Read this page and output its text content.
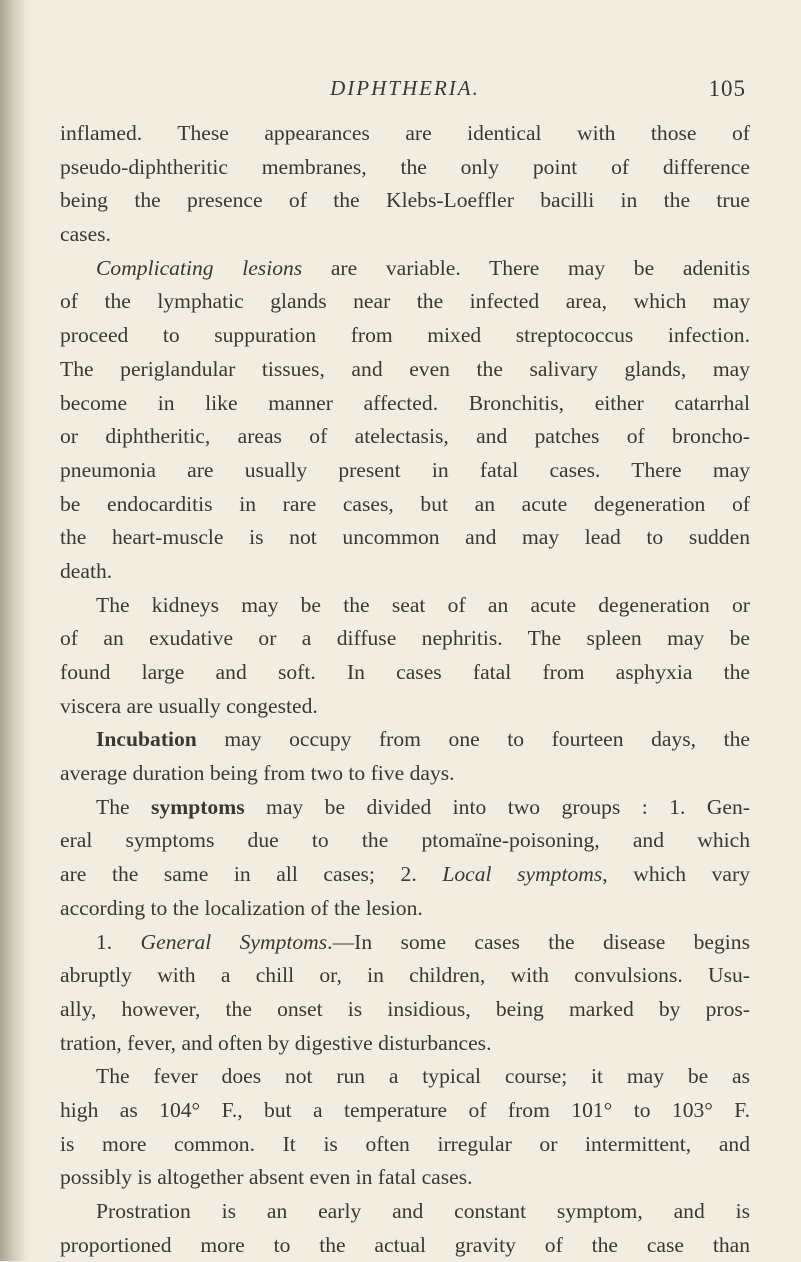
DIPHTHERIA.	105
inflamed. These appearances are identical with those of
pseudo-diphtheritic membranes, the only point of difference
being the presence of the Klebs-Loeffler bacilli in the true
cases.
Complicating lesions are variable. There may be adenitis
of the lymphatic glands near the infected area, which may
proceed to suppuration from mixed streptococcus infection.
The periglandular tissues, and even the salivary glands, may
become in like manner affected. Bronchitis, either catarrhal
or diphtheritic, areas of atelectasis, and patches of broncho-
pneumonia are usually present in fatal cases. There may
be endocarditis in rare cases, but an acute degeneration of
the heart-muscle is not uncommon and may lead to sudden
death.
The kidneys may be the seat of an acute degeneration or
of an exudative or a diffuse nephritis. The spleen may be
found large and soft. In cases fatal from asphyxia the
viscera are usually congested.
Incubation may occupy from one to fourteen days, the
average duration being from two to five days.
The symptoms may be divided into two groups : 1. Gen-
eral symptoms due to the ptomaïne-poisoning, and which
are the same in all cases; 2. Local symptoms, which vary
according to the localization of the lesion.
1. General Symptoms.—In some cases the disease begins
abruptly with a chill or, in children, with convulsions. Usu-
ally, however, the onset is insidious, being marked by pros-
tration, fever, and often by digestive disturbances.
The fever does not run a typical course; it may be as
high as 104° F., but a temperature of from 101° to 103° F.
is more common. It is often irregular or intermittent, and
possibly is altogether absent even in fatal cases.
Prostration is an early and constant symptom, and is
proportioned more to the actual gravity of the case than
